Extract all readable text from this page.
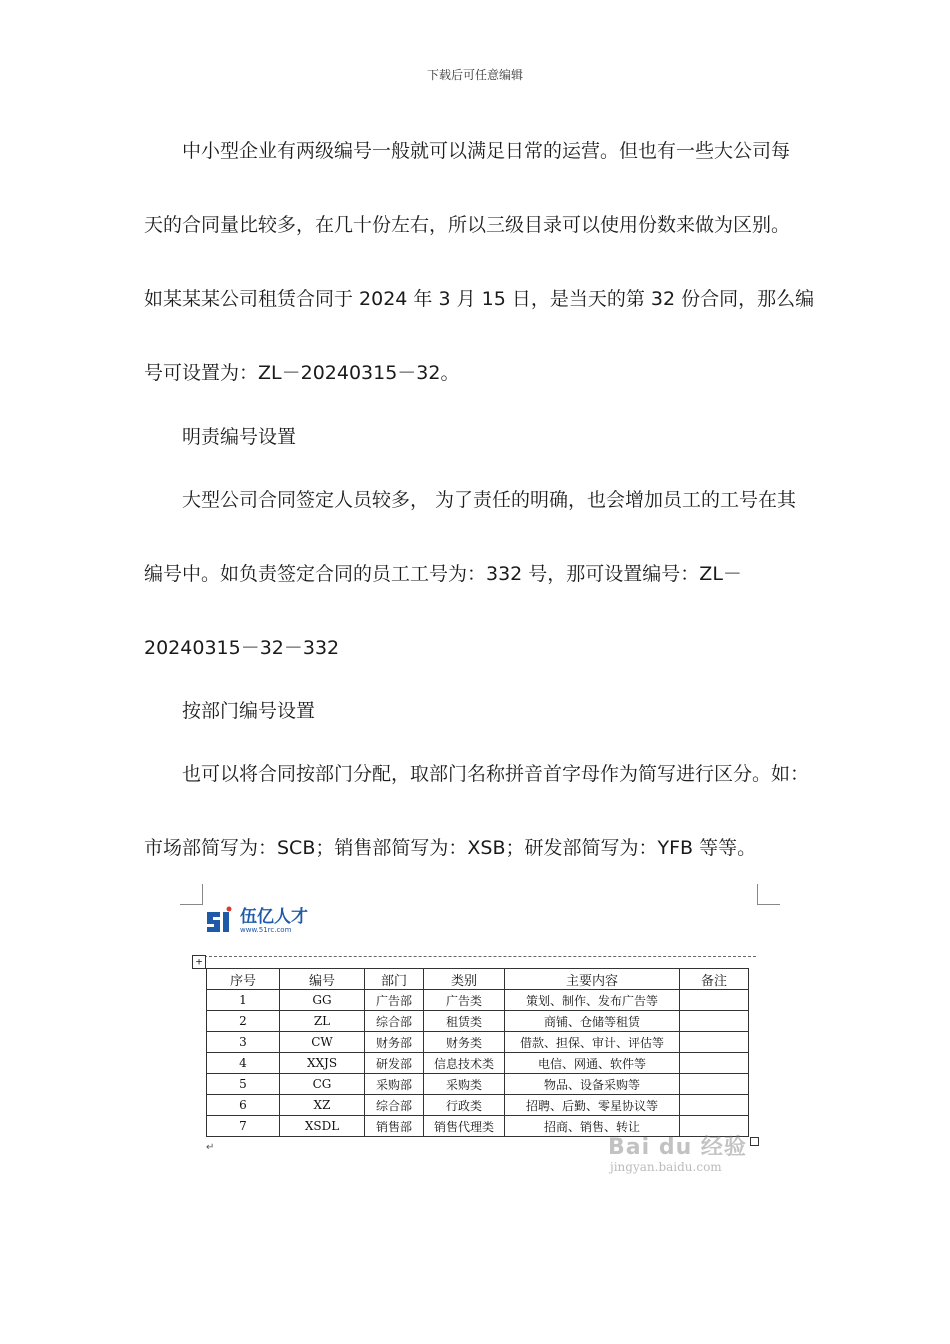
下载后可任意编辑
中小型企业有两级编号一般就可以满足日常的运营。但也有一些大公司每
天的合同量比较多，在几十份左右，所以三级目录可以使用份数来做为区别。
如某某某公司租赁合同于 2024 年 3 月 15 日，是当天的第 32 份合同，那么编
号可设置为：ZL－20240315－32。
明责编号设置
大型公司合同签定人员较多， 为了责任的明确，也会增加员工的工号在其
编号中。如负责签定合同的员工工号为：332 号，那可设置编号：ZL－
20240315－32－332
按部门编号设置
也可以将合同按部门分配，取部门名称拼音首字母作为简写进行区分。如：
市场部简写为：SCB；销售部简写为：XSB；研发部简写为：YFB 等等。
伍亿人才
www.51rc.com
+
序号	编号	部门	类别	主要内容	备注
1	GG	广告部	广告类	策划、制作、发布广告等	
2	ZL	综合部	租赁类	商铺、仓储等租赁	
3	CW	财务部	财务类	借款、担保、审计、评估等	
4	XXJS	研发部	信息技术类	电信、网通、软件等	
5	CG	采购部	采购类	物品、设备采购等	
6	XZ	综合部	行政类	招聘、后勤、零星协议等	
7	XSDL	销售部	销售代理类	招商、销售、转让	
↵	Bai du 经验
jingyan.baidu.com
